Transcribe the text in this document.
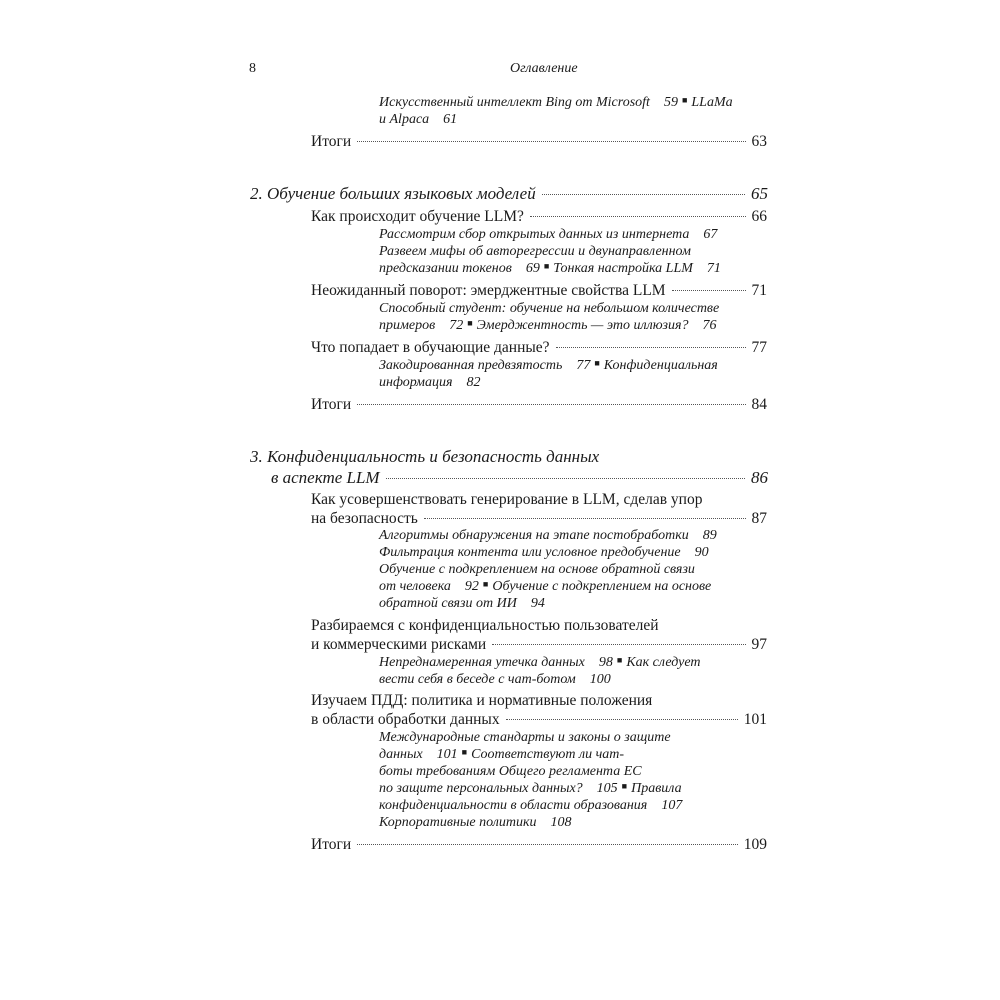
8	Оглавление
Искусственный интеллект Bing от Microsoft 59 ■ LLaMa
и Alpaca 61
Итоги	63
2. Обучение больших языковых моделей	65
Как происходит обучение LLM?	66
Рассмотрим сбор открытых данных из интернета 67
Развеем мифы об авторегрессии и двунаправленном
предсказании токенов 69 ■ Тонкая настройка LLM 71
Неожиданный поворот: эмерджентные свойства LLM	71
Способный студент: обучение на небольшом количестве
примеров 72 ■ Эмерджентность — это иллюзия? 76
Что попадает в обучающие данные?	77
Закодированная предвзятость 77 ■ Конфиденциальная
информация 82
Итоги	84
3. Конфиденциальность и безопасность данных
в аспекте LLM	86
Как усовершенствовать генерированиe в LLM, сделав упор
на безопасность	87
Алгоритмы обнаружения на этапе постобработки 89
Фильтрация контента или условное предобучение 90
Обучение с подкреплением на основе обратной связи
от человека 92 ■ Обучение с подкреплением на основе
обратной связи от ИИ 94
Разбираемся с конфиденциальностью пользователей
и коммерческими рисками	97
Непреднамеренная утечка данных 98 ■ Как следует
вести себя в беседе с чат-ботом 100
Изучаем ПДД: политика и нормативные положения
в области обработки данных	101
Международные стандарты и законы о защите
данных 101 ■ Соответствуют ли чат-
боты требованиям Общего регламента ЕС
по защите персональных данных? 105 ■ Правила
конфиденциальности в области образования 107
Корпоративные политики 108
Итоги	109
